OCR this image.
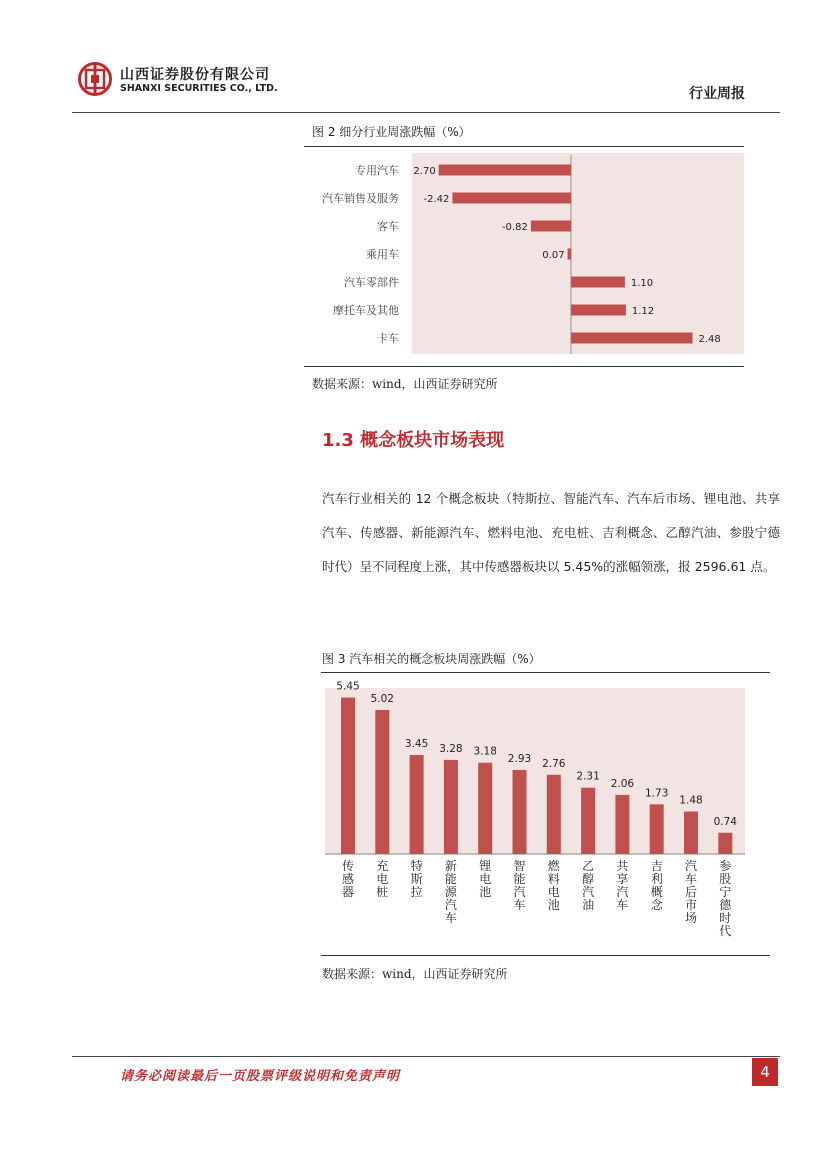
山西证券股份有限公司
SHANXI SECURITIES CO., LTD.	行业周报
图 2 细分行业周涨跌幅（%）
专用汽车 2.70
汽车销售及服务 -2.42
客车	-0.82
乘用车	0.07
汽车零部件	1.10
摩托车及其他	1.12
卡车	2.48
数据来源：wind，山西证券研究所
1.3 概念板块市场表现

汽车行业相关的 12 个概念板块（特斯拉、智能汽车、汽车后市场、锂电池、共享汽车、传感器、新能源汽车、燃料电池、充电桩、吉利概念、乙醇汽油、参股宁德时代）呈不同程度上涨，其中传感器板块以 5.45%的涨幅领涨，报 2596.61 点。

图 3 汽车相关的概念板块周涨跌幅（%）
5.45
传感器
5.02
充电桩
3.45
特斯拉
3.28
新能源汽车
3.18
锂电池
2.93
智能汽车
2.76
燃料电池
2.31
乙醇汽油
2.06
共享汽车
1.73
吉利概念
1.48
汽车后市场
0.74
参股宁德时代
数据来源：wind，山西证券研究所
请务必阅读最后一页股票评级说明和免责声明	4
